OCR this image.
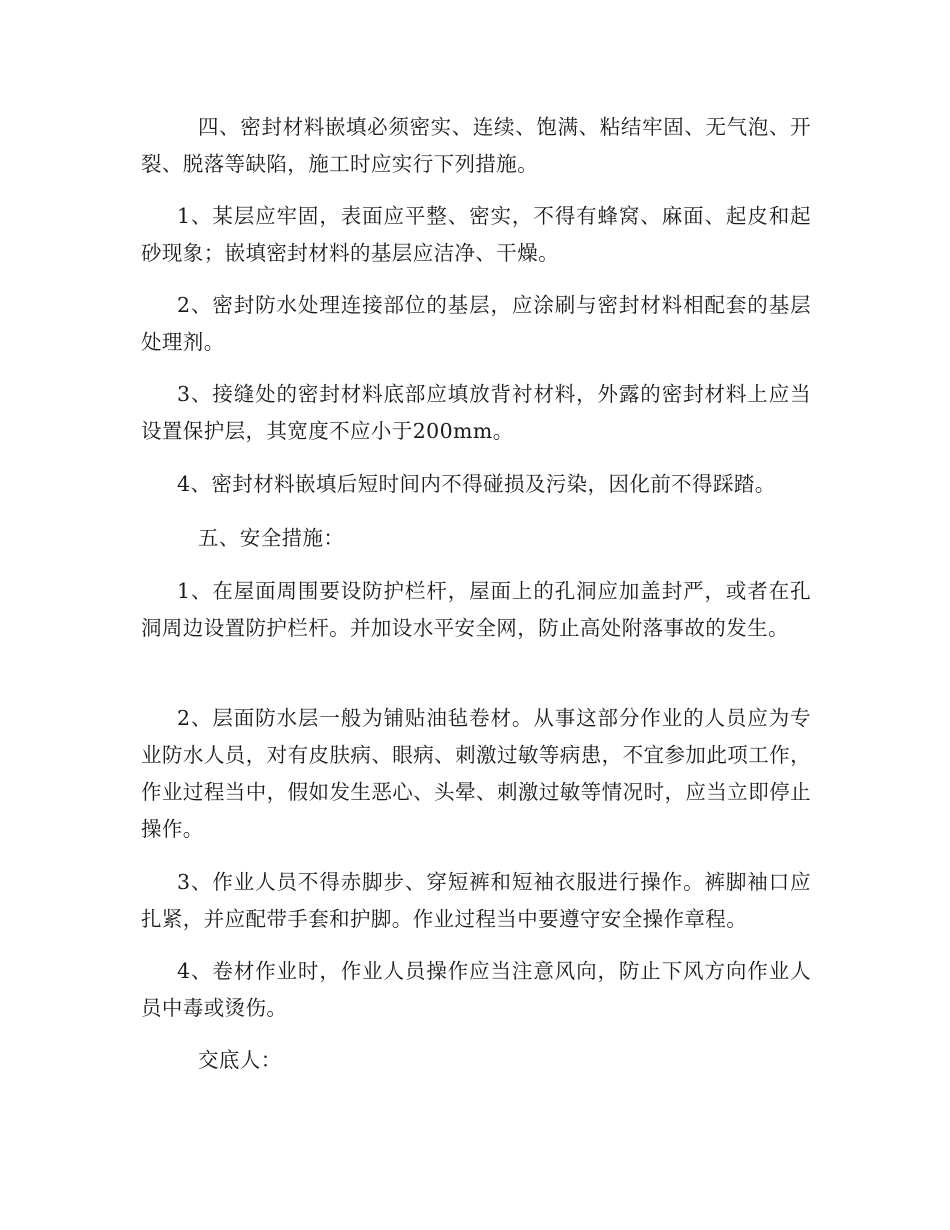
四、密封材料嵌填必须密实、连续、饱满、粘结牢固、无气泡、开裂、脱落等缺陷，施工时应实行下列措施。

1、某层应牢固，表面应平整、密实，不得有蜂窝、麻面、起皮和起砂现象；嵌填密封材料的基层应洁净、干燥。

2、密封防水处理连接部位的基层，应涂刷与密封材料相配套的基层处理剂。

3、接缝处的密封材料底部应填放背衬材料，外露的密封材料上应当设置保护层，其宽度不应小于200mm。

4、密封材料嵌填后短时间内不得碰损及污染，因化前不得踩踏。

五、安全措施：

1、在屋面周围要设防护栏杆，屋面上的孔洞应加盖封严，或者在孔洞周边设置防护栏杆。并加设水平安全网，防止高处附落事故的发生。

2、层面防水层一般为铺贴油毡卷材。从事这部分作业的人员应为专业防水人员，对有皮肤病、眼病、刺激过敏等病患，不宜参加此项工作，作业过程当中，假如发生恶心、头晕、刺激过敏等情况时，应当立即停止操作。

3、作业人员不得赤脚步、穿短裤和短袖衣服进行操作。裤脚袖口应扎紧，并应配带手套和护脚。作业过程当中要遵守安全操作章程。

4、卷材作业时，作业人员操作应当注意风向，防止下风方向作业人员中毒或烫伤。

交底人：
